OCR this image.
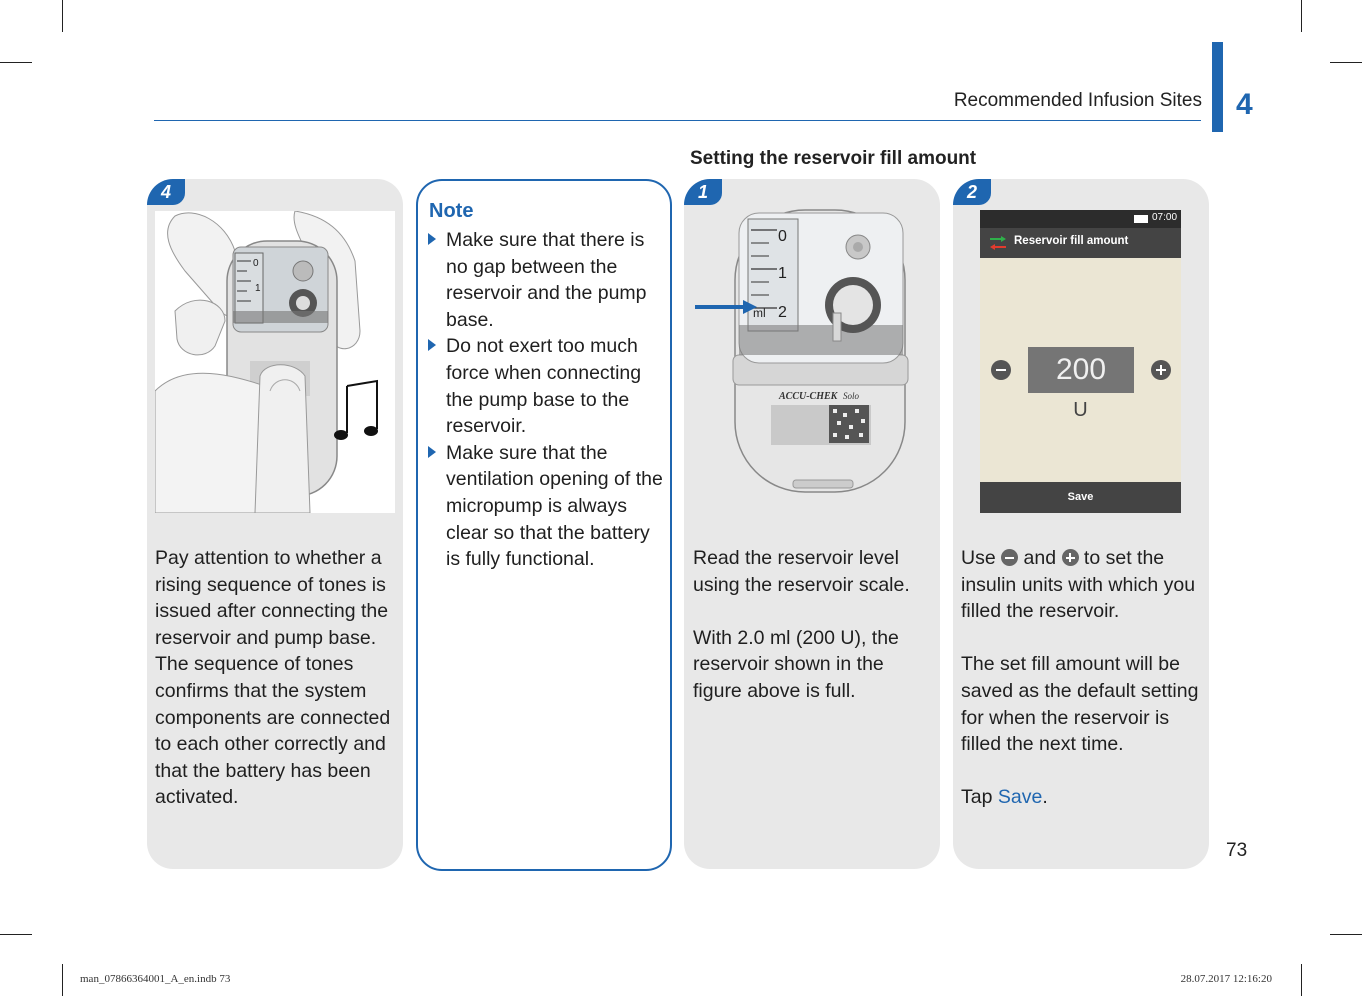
Recommended Infusion Sites 4
Setting the reservoir fill amount
4
0
1
Pay attention to whether a rising sequence of tones is issued after connecting the reservoir and pump base. The sequence of tones confirms that the system components are connected to each other correctly and that the battery has been activated.
Note
Make sure that there is no gap between the reservoir and the pump base.
Do not exert too much force when connecting the pump base to the reservoir.
Make sure that the ventilation opening of the micropump is always clear so that the battery is fully functional.
1
0
1
2
ml
ACCU-CHEK Solo

Read the reservoir level using the reservoir scale.

With 2.0 ml (200 U), the reservoir shown in the figure above is full.

2
07:00
Reservoir fill amount
200
U
Save

Use and to set the insulin units with which you filled the reservoir.

The set fill amount will be saved as the default setting for when the reservoir is filled the next time.

Tap Save.

73
man_07866364001_A_en.indb 73	28.07.2017 12:16:20
